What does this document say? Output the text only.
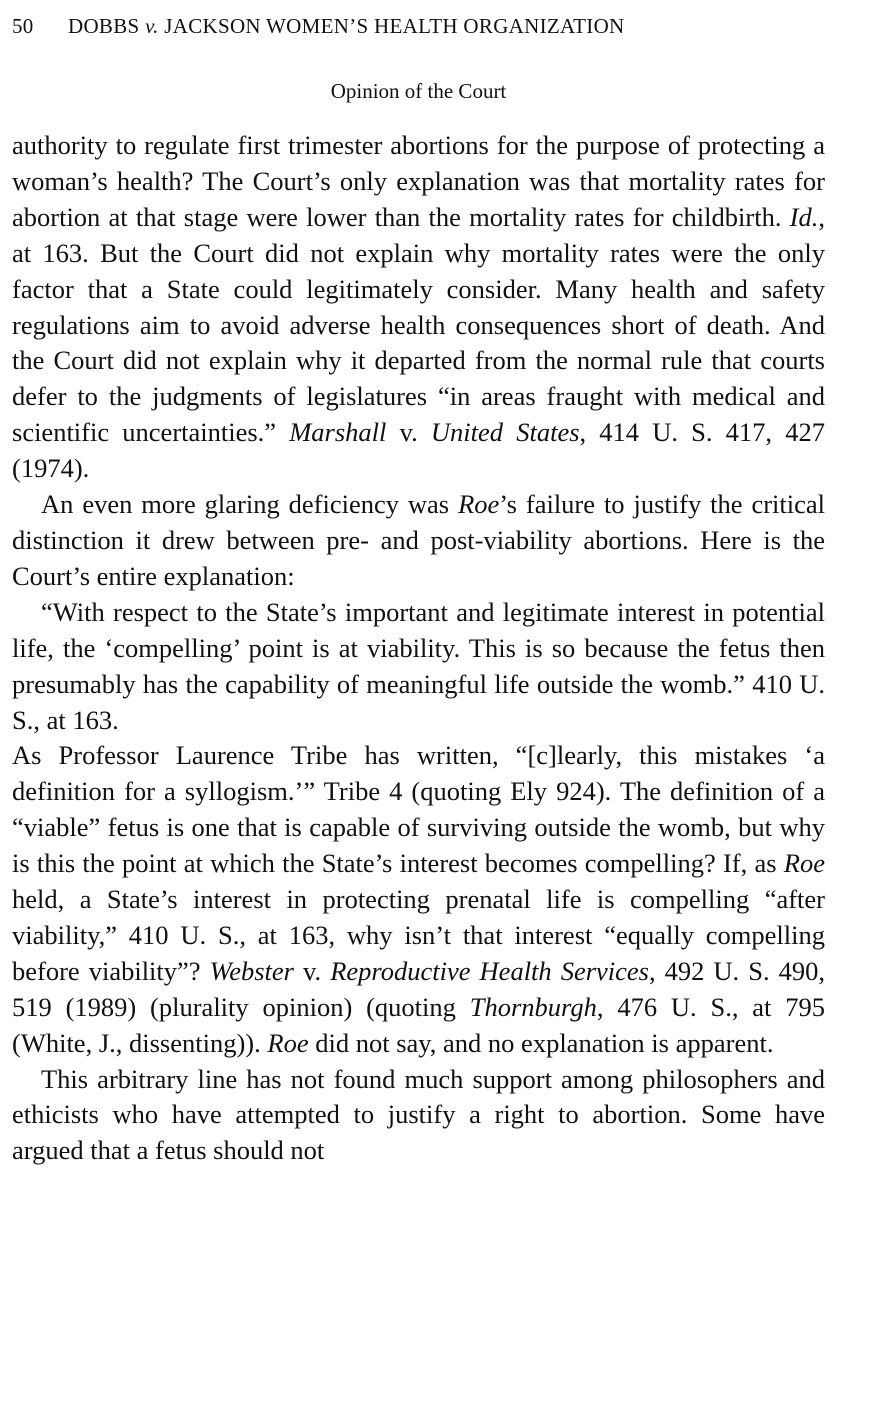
50 DOBBS v. JACKSON WOMEN’S HEALTH ORGANIZATION
Opinion of the Court

authority to regulate first trimester abortions for the purpose of protecting a woman’s health? The Court’s only explanation was that mortality rates for abortion at that stage were lower than the mortality rates for childbirth. Id., at 163. But the Court did not explain why mortality rates were the only factor that a State could legitimately consider. Many health and safety regulations aim to avoid adverse health consequences short of death. And the Court did not explain why it departed from the normal rule that courts defer to the judgments of legislatures “in areas fraught with medical and scientific uncertainties.” Marshall v. United States, 414 U. S. 417, 427 (1974).

An even more glaring deficiency was Roe’s failure to justify the critical distinction it drew between pre- and post-viability abortions. Here is the Court’s entire explanation:

“With respect to the State’s important and legitimate interest in potential life, the ‘compelling’ point is at viability. This is so because the fetus then presumably has the capability of meaningful life outside the womb.” 410 U. S., at 163.

As Professor Laurence Tribe has written, “[c]learly, this mistakes ‘a definition for a syllogism.’” Tribe 4 (quoting Ely 924). The definition of a “viable” fetus is one that is capable of surviving outside the womb, but why is this the point at which the State’s interest becomes compelling? If, as Roe held, a State’s interest in protecting prenatal life is compelling “after viability,” 410 U. S., at 163, why isn’t that interest “equally compelling before viability”? Webster v. Reproductive Health Services, 492 U. S. 490, 519 (1989) (plurality opinion) (quoting Thornburgh, 476 U. S., at 795 (White, J., dissenting)). Roe did not say, and no explanation is apparent.

This arbitrary line has not found much support among philosophers and ethicists who have attempted to justify a right to abortion. Some have argued that a fetus should not
